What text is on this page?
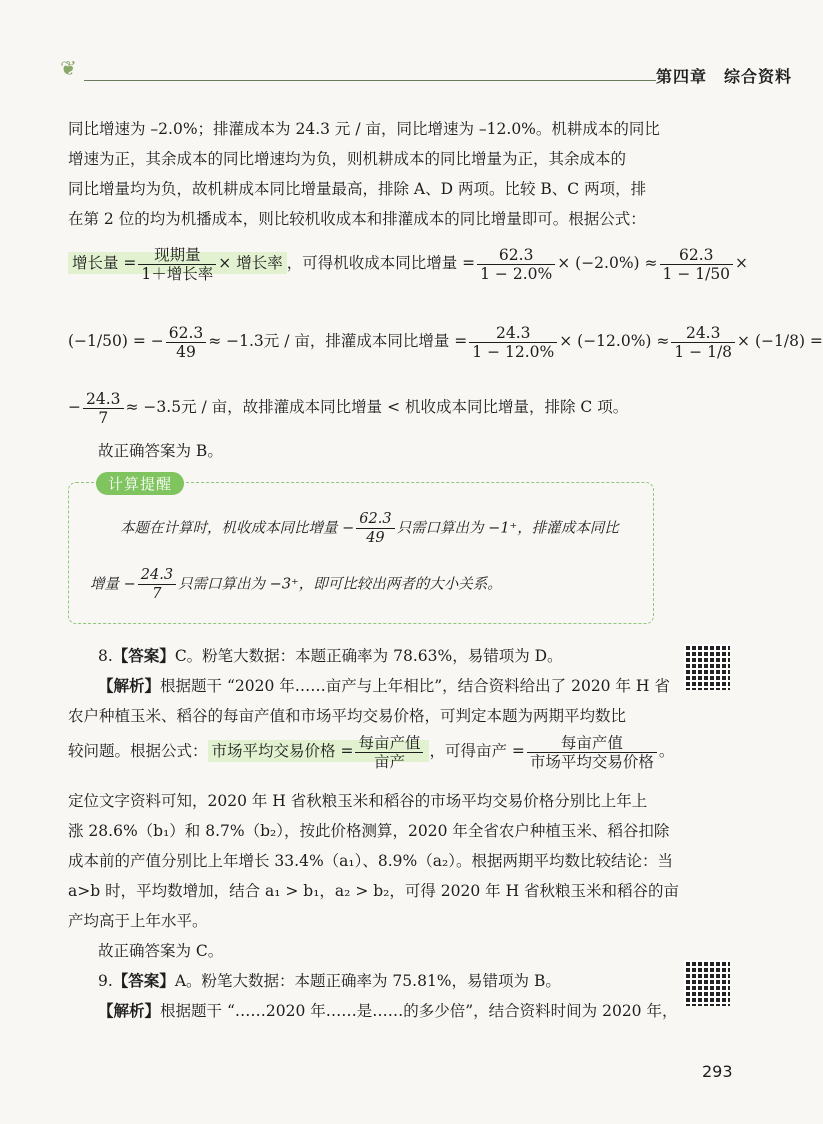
❦	第四章　综合资料
同比增速为 –2.0%；排灌成本为 24.3 元 / 亩，同比增速为 –12.0%。机耕成本的同比
增速为正，其余成本的同比增速均为负，则机耕成本的同比增量为正，其余成本的
同比增量均为负，故机耕成本同比增量最高，排除 A、D 两项。比较 B、C 两项，排
在第 2 位的均为机播成本，则比较机收成本和排灌成本的同比增量即可。根据公式：
增长量 = $\frac{\text{现期量}}{\text{1＋增长率}}$ × 增长率 ，可得机收成本同比增量 = $\frac{62.3}{1 - 2.0\%} \times (-2.0\%) \approx \frac{62.3}{1 - 1/50}$ ×
(−1/50) = − $\frac{62.3}{49} \approx -1.3$元 / 亩，排灌成本同比增量 = $\frac{24.3}{1 - 12.0\%} \times (-12.0\%) \approx \frac{24.3}{1 - 1/8} \times (-1/8)$ =
− $\frac{24.3}{7} \approx -3.5$元 / 亩，故排灌成本同比增量 < 机收成本同比增量，排除 C 项。
故正确答案为 B。
计算提醒
本题在计算时，机收成本同比增量 − $\frac{62.3}{49}$ 只需口算出为 −1⁺，排灌成本同比
增量 − $\frac{24.3}{7}$ 只需口算出为 −3⁺，即可比较出两者的大小关系。
8.【答案】C。粉笔大数据：本题正确率为 78.63%，易错项为 D。
【解析】根据题干 “2020 年……亩产与上年相比”，结合资料给出了 2020 年 H 省
农户种植玉米、稻谷的每亩产值和市场平均交易价格，可判定本题为两期平均数比
较问题。根据公式： 市场平均交易价格 = $\frac{\text{每亩产值}}{\text{亩产}}$ ，可得亩产 = $\frac{\text{每亩产值}}{\text{市场平均交易价格}}$ 。
定位文字资料可知，2020 年 H 省秋粮玉米和稻谷的市场平均交易价格分别比上年上
涨 28.6%（b₁）和 8.7%（b₂），按此价格测算，2020 年全省农户种植玉米、稻谷扣除
成本前的产值分别比上年增长 33.4%（a₁）、8.9%（a₂）。根据两期平均数比较结论：当
a>b 时，平均数增加，结合 a₁ > b₁，a₂ > b₂，可得 2020 年 H 省秋粮玉米和稻谷的亩
产均高于上年水平。
故正确答案为 C。
9.【答案】A。粉笔大数据：本题正确率为 75.81%，易错项为 B。
【解析】根据题干 “……2020 年……是……的多少倍”，结合资料时间为 2020 年，
293
